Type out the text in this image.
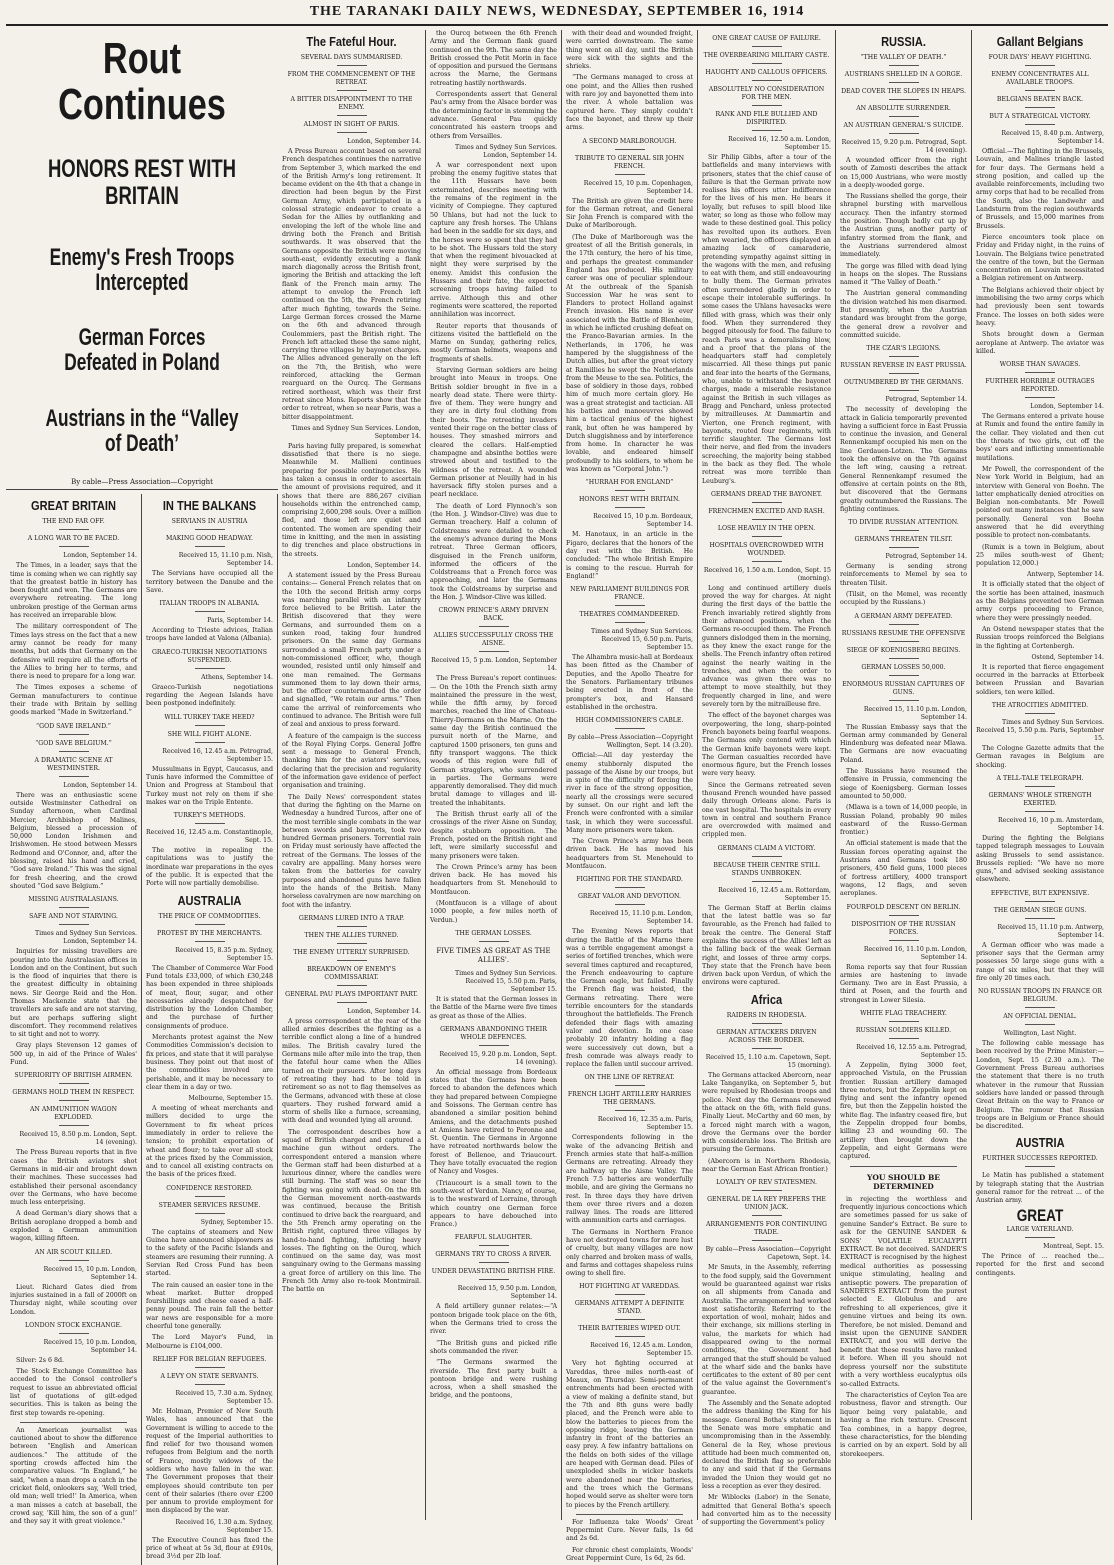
THE TARANAKI DAILY NEWS, WEDNESDAY, SEPTEMBER 16, 1914
Rout Continues
HONORS REST WITH BRITAIN
Enemy's Fresh Troops Intercepted
German Forces Defeated in Poland
Austrians in the “Valley of Death’
By cable—Press Association—Copyright
GREAT BRITAIN
THE END FAR OFF.
A LONG WAR TO BE FACED.
London, September 14.

The Times, in a leader, says that the time is coming when we can rightly say that the greatest battle in history has been fought and won. The Germans are everywhere retreating. The long unbroken prestige of the German arms has received an irreparable blow.

The military correspondent of The Times lays stress on the fact that a new army cannot be ready for many months, but adds that Germany on the defensive will require all the efforts of the Allies to bring her to terms, and there is need to prepare for a long war.

The Times exposes a scheme of German manufacturers to continue their trade with Britain by selling goods marked “Made in Switzerland.”

“GOD SAVE IRELAND.”
“GOD SAVE BELGIUM.”
A DRAMATIC SCENE AT WESTMINSTER.
London, September 14.

There was an enthusiastic scene outside Westminster Cathedral on Sunday afternoon, when Cardinal Mercier, Archbishop of Malines, Belgium, blessed a procession of 50,000 London Irishmen and Irishwomen. He stood between Messrs Redmond and O'Connor, and, after the blessing, raised his hand and cried, “God save Ireland.” This was the signal for fresh cheering, and the crowd shouted “God save Belgium.”

MISSING AUSTRALASIANS.
SAFE AND NOT STARVING.
Times and Sydney Sun Services. London, September 14.

Inquiries for missing travellers are pouring into the Australasian offices in London and on the Continent, but such is the flood of inquiries that there is the greatest difficulty in obtaining news. Sir George Reid and the Hon. Thomas Mackenzie state that the travellers are safe and are not starving, but are perhaps suffering slight discomfort. They recommend relatives to sit tight and not to worry.

Gray plays Stevenson 12 games of 500 up, in aid of the Prince of Wales' Fund.

SUPERIORITY OF BRITISH AIRMEN.
GERMANS HOLD THEM IN RESPECT.
AN AMMUNITION WAGON EXPLODED.
Received 15, 8.50 p.m. London, Sept. 14 (evening).

The Press Bureau reports that in five cases the British aviators shot Germans in mid-air and brought down their machines. These successes had established their personal ascendancy over the Germans, who have become much less enterprising.

A dead German's diary shows that a British aeroplane dropped a bomb and exploded a German ammunition wagon, killing fifteen.

AN AIR SCOUT KILLED.
Received 15, 10 p.m. London, September 14.

Lieut. Richard Gates died from injuries sustained in a fall of 2000ft on Thursday night, while scouting over London.

LONDON STOCK EXCHANGE.
Received 15, 10 p.m. London, September 14.

Silver: 2s 6 8d.

The Stock Exchange Committee has acceded to the Consol controller's request to issue an abbreviated official list of quotations of gilt-edged securities. This is taken as being the first step towards re-opening.

An American journalist was cautioned about to show the difference between “English and American audiences.” The attitude of the sporting crowds affected him the comparative values. “In England,” he said, “when a man drops a catch in the cricket field, onlookers say, ‘Well tried, old man; well tried!’ In America, when a man misses a catch at baseball, the crowd say, ‘Kill him, the son of a gun!’ and they say it with great violence.”

IN THE BALKANS
SERVIANS IN AUSTRIA
MAKING GOOD HEADWAY.
Received 15, 11.10 p.m. Nish, September 14.

The Servians have occupied all the territory between the Danube and the Save.

ITALIAN TROOPS IN ALBANIA.
Paris, September 14.

According to Trieste advices, Italian troops have landed at Valona (Albania).

GRAECO-TURKISH NEGOTIATIONS SUSPENDED.
Athens, September 14.

Graeco-Turkish negotiations regarding the Aegean Islands have been postponed indefinitely.

WILL TURKEY TAKE HEED?
SHE WILL FIGHT ALONE.
Received 16, 12.45 a.m. Petrograd, September 15.

Mussulmans in Egypt, Caucasus, and Tunis have informed the Committee of Union and Progress at Stamboul that Turkey must not rely on them if she makes war on the Triple Entente.

TURKEY'S METHODS.
Received 16, 12.45 a.m. Constantinople, Sept. 15.

The motive in repealing the capitulations was to justify the inordinate war preparations in the eyes of the public. It is expected that the Porte will now partially demobilise.

AUSTRALIA
THE PRICE OF COMMODITIES.
PROTEST BY THE MERCHANTS.
Received 15, 8.35 p.m. Sydney, September 15.

The Chamber of Commerce War Food Fund totals £33,000, of which £30,248 has been expended in three shiploads of meat, flour, sugar, and other necessaries already despatched for distribution by the London Chamber, and the purchase of further consignments of produce.

Merchants protest against the New Commodities Commission's decision to fix prices, and state that it will paralyse business. They point out that most of the commodities involved are perishable, and it may be necessary to clear them in a day or two.

Melbourne, September 15.

A meeting of wheat merchants and millers decided to urge the Government to fix wheat prices immediately in order to relieve the tension; to prohibit exportation of wheat and flour; to take over all stock at the prices fixed by the Commission, and to cancel all existing contracts on the basis of the prices fixed.

CONFIDENCE RESTORED.
STEAMER SERVICES RESUME.
Sydney, September 15.

The captains of steamers and New Guinea have announced shipowners as to the safety of the Pacific Islands and steamers are resuming their running. A Servian Red Cross Fund has been started.

The rain caused an easier tone in the wheat market. Butter dropped fourshillings and cheese eased a half-penny pound. The rain fall the better war news are responsible for a more cheerful tone generally.

The Lord Mayor's Fund, in Melbourne is £104,000.

RELIEF FOR BELGIAN REFUGEES.
A LEVY ON STATE SERVANTS.
Received 15, 7.30 a.m. Sydney, September 15.

Mr. Holman, Premier of New South Wales, has announced that the Government is willing to accede to the request of the Imperial authorities to find relief for two thousand women refugees from Belgium and the north of France, mostly widows of the soldiers who have fallen in the war. The Government proposes that their employees should contribute ten per cent of their salaries (there over £200 per annum to provide employment for men displaced by the war.

Received 16, 1.30 a.m. Sydney, September 15.

The Executive Council has fixed the price of wheat at 5s 3d, flour at £910s, bread 3½d per 2lb loaf.

The Fateful Hour.
SEVERAL DAYS SUMMARISED.
FROM THE COMMENCEMENT OF THE RETREAT.
A BITTER DISAPPOINTMENT TO THE ENEMY.
ALMOST IN SIGHT OF PARIS.
London, September 14.

A Press Bureau account based on several French despatches continues the narrative from September 3, which marked the end of the British Army's long retirement. It became evident on the 4th that a change in direction had been begun by the First German Army, which participated in a colossal strategic endeavor to create a Sedan for the Allies by outflanking and enveloping the left of the whole line and driving both the French and British southwards. It was observed that the Germans opposite the British were moving south-east, evidently executing a flank march diagonally across the British front, ignoring the British and attacking the left flank of the French main army. The attempt to envelop the French left continued on the 5th, the French retiring after much fighting, towards the Seine. Large German forces crossed the Marne on the 6th and advanced through Coulommiers, past the British right. The French left attacked these the same night, carrying three villages by bayonet charges. The Allies advanced generally on the left on the 7th, the British, who were reinforced, attacking the German rearguard on the Ourcq. The Germans retired northeast, which was their first retreat since Mons. Reports show that the order to retreat, when so near Paris, was a bitter disappointment.

Times and Sydney Sun Services. London, September 14.

Paris having fully prepared, is somewhat dissatisfied that there is no siege. Meanwhile M. Mallieni continues preparing for possible contingencies. He has taken a census in order to ascertain the amount of provisions required, and it shows that there are 886,267 civilian households within the entrenched camp, comprising 2,600,298 souls. Over a million fled, and those left are quiet and contented. The women are spending their time in knitting, and the men in assisting to dig trenches and place obstructions in the streets.

London, September 14.

A statement issued by the Press Bureau contains:— General French relates that on the 10th the second British army corps was marching parallel with an infantry force believed to be British. Later the British discovered that they were Germans, and surrounded them on a sunken road, taking four hundred prisoners. On the same day Germans surrounded a small French party under a non-commissioned officer, who, though wounded, resisted until only himself and one man remained. The Germans summoned them to lay down their arms, but the officer countermanded the order and signalled, “We retain our arms.” Then came the arrival of reinforcements who continued to advance. The British were full of zeal and anxious to press forward.

A feature of the campaign is the success of the Royal Flying Corps. General Joffre sent a message to General French, thanking him for the aviators' services, declaring that the precision and regularity of the information gave evidence of perfect organisation and training.

The Daily News' correspondent states that during the fighting on the Marne on Wednesday a hundred Turcos, after one of the most terrible single combats in the war between swords and bayonets, took two hundred German prisoners. Torrential rain on Friday must seriously have affected the retreat of the Germans. The losses of the cavalry are appalling. Many horses were taken from the batteries for cavalry purposes and abandoned guns have fallen into the hands of the British. Many horseless cavalrymen are now marching on foot with the infantry.

GERMANS LURED INTO A TRAP.
THEN THE ALLIES TURNED.
THE ENEMY UTTERLY SURPRISED.
BREAKDOWN OF ENEMY'S COMMISSARIAT.
GENERAL PAU PLAYS IMPORTANT PART.
London, September 14.

A press correspondent at the rear of the allied armies describes the fighting as a terrible conflict along a line of a hundred miles. The British cavalry lured the Germans mile after mile into the trap, then the fateful hour came when the Allies turned on their pursuers. After long days of retreating they had to be told in retirement so as not to flag themselves as the Germans, advanced with these at close quarters. They rushed forward amid a storm of shells like a furnace, screaming, with dead and wounded lying all around.

The correspondent describes how a squad of British charged and captured a machine gun without orders. The correspondent entered a mansion where the German staff had been disturbed at a luxurious dinner, where the candles were still burning. The staff was so near the fighting was going with dead. On the 8th the German movement north-eastwards was continued, because the British continued to drive back the rearguard, and the 5th French army operating on the British right, captured three villages by hand-to-hand fighting, inflicting heavy losses. The fighting on the Ourcq, which continued on the same day, was most sanguinary owing to the Germans massing a great force of artillery on this line. The French 5th Army also re-took Montmirail. The battle on

the Ourcq between the 6th French Army and the German flank guard continued on the 9th. The same day the British crossed the Petit Morin in face of opposition and pursued the Germans across the Marne, the Germans retreating hastily northwards.

Correspondents assert that General Pau's army from the Alsace border was the determining factor in stemming the advance. General Pau quickly concentrated his eastern troops and others from Versailles.

Times and Sydney Sun Services. London, September 14.

A war correspondent next upon probing the enemy fugitive states that the 11th Hussars have been exterminated, describes meeting with the remains of the regiment in the vicinity of Compiegne. They captured 50 Uhlans, but had not the luck to capture any fresh horses. The Uhlans had been in the saddle for six days, and the horses were so spent that they had to be shot. The Hussars told the story that when the regiment bivouacked at night they were surprised by the enemy. Amidst this confusion the Hussars and their fate, the expected screening troops having failed to arrive. Although this and other regiments were scattered, the reported annihilation was incorrect.

Reuter reports that thousands of citizens visited the battlefield on the Marne on Sunday, gathering relics, mostly German helmets, weapons and fragments of shells.

Starving German soldiers are being brought into Meaux in troops. One British soldier brought in five in a nearly dead state. There were thirty-five of them. They were hungry and they are in dirty foul clothing from their boots. The retreating invaders vented their rage on the better class of houses. They smashed mirrors and cleared the cellars. Half-emptied champagne and absinthe bottles were strewed about and testified to the wildness of the retreat. A wounded German prisoner at Neuilly had in his haversack fifty stolen purses and a pearl necklace.

The death of Lord Flynnoch's son (the Hon. J. Windsor-Clive) was due to German treachery. Half a column of Coldstreams were detailed to check the enemy's advance during the Mons retreat. Three German officers, disguised in the French uniform, informed the officers of the Coldstreams that a French force was approaching, and later the Germans took the Coldstreams by surprise and the Hon. J. Windsor-Clive was killed.

CROWN PRINCE'S ARMY DRIVEN BACK.
ALLIES SUCCESSFULLY CROSS THE AISNE.
Received 15, 5 p.m. London, September 14.

The Press Bureau's report continues:— On the 10th the French sixth army maintained the pressure in the west, while the fifth army, by forced marches, reached the line of Chateau-Thierry-Dormans on the Marne. On the same day the British continued the pursuit north of the Marne, and captured 1500 prisoners, ten guns and fifty transport waggons. The thick woods of this region were full of German stragglers, who surrendered in parties. The Germans were apparently demoralised. They did much brutal damage to villages and ill-treated the inhabitants.

The British thrust early all of the crossings of the river Aisne on Sunday, despite stubborn opposition. The French, posted on the British right and left, were similarly successful and many prisoners were taken.

The Crown Prince's army has been driven back. He has moved his headquarters from St. Menehould to Montfaucon.

(Montfaucon is a village of about 1000 people, a few miles north of Verdun.)

THE GERMAN LOSSES.
FIVE TIMES AS GREAT AS THE ALLIES'.
Times and Sydney Sun Services. Received 15, 5.50 p.m. Paris, September 15.

It is stated that the German losses in the Battle of the Marne were five times as great as those of the Allies.

GERMANS ABANDONING THEIR WHOLE DEFENCES.
Received 15, 9.20 p.m. London, Sept. 14 (evening).

An official message from Bordeaux states that the Germans have been forced to abandon the defences which they had prepared between Compiegne and Soissons. The German centre has abandoned a similar position behind Amiens, and the detachments pushed at Amiens have retired to Peronne and St. Quentin. The Germans in Argonne have retreated northwards below the forest of Bellenoe, and Triaucourt. They have totally evacuated the region of Nancy and Vosges.

(Triaucourt is a small town to the south-west of Verdun. Nancy, of course, is to the westward of Lorraine, through which country one German force appears to have debouched into France.)

FEARFUL SLAUGHTER.
GERMANS TRY TO CROSS A RIVER.
UNDER DEVASTATING BRITISH FIRE.
Received 15, 9.50 p.m. London, September 14.

A field artillery gunner relates:—“A pontoon brigade took place on the 6th, when the Germans tried to cross the river.

“The British guns and picked rifle shots commanded the river.

“The Germans swarmed the riverside. The first party built a pontoon bridge and were rushing across, when a shell smashed the bridge, and the pontoons,

with their dead and wounded freight, were carried downstream. The same thing went on all day, until the British were sick with the sights and the shrieks.

“The Germans managed to cross at one point, and the Allies then rushed with rare joy and bayonetted them into the river. A whole battalion was captured here. They simply couldn't face the bayonet, and threw up their arms.

A SECOND MARLBOROUGH.
TRIBUTE TO GENERAL SIR JOHN FRENCH.
Received 15, 10 p.m. Copenhagen, September 14.

The British are given the credit here for the German retreat, and General Sir John French is compared with the Duke of Marlborough.

(The Duke of Marlborough was the greatest of all the British generals, in the 17th century, the hero of his time, and perhaps the greatest commander England has produced. His military career was one of peculiar splendour. At the outbreak of the Spanish Succession War he was sent to Flanders to protect Holland against French invasion. His name is ever associated with the Battle of Blenheim, in which he inflicted crushing defeat on the Franco-Bavarian armies. In the Netherlands, in 1706, he was hampered by the sluggishness of the Dutch allies, but after the great victory at Ramillies he swept the Netherlands from the Meuse to the sea. Politics, the base of soldiery in those days, robbed him of much more certain glory. He was a great strategist and tactician. All his battles and manoeuvres showed him a tactical genius of the highest rank, but often he was hampered by Dutch sluggishness and by interference from home. In character he was lovable, and endeared himself profoundly to his soldiers, to whom he was known as “Corporal John.”)

“HURRAH FOR ENGLAND”
HONORS REST WITH BRITAIN.
Received 15, 10 p.m. Bordeaux, September 14.

M. Hanotaux, in an article in the Figaro, declares that the honors of the day rest with the British. He concluded: “The whole British Empire is coming to the rescue. Hurrah for England!”

NEW PARLIAMENT BUILDINGS FOR FRANCE.
THEATRES COMMANDEERED.
Times and Sydney Sun Services. Received 15, 6.50 p.m. Paris, September 15.

The Alhambra music-hall at Bordeaux has been fitted as the Chamber of Deputies, and the Apollo Theatre for the Senators. Parliamentary tribunes being erected in front of the prompter's box, and Hansard established in the orchestra.

HIGH COMMISSIONER'S CABLE.
By cable—Press Association—Copyright Wellington, Sept. 14 (3.20).

Official:—All day yesterday the enemy stubbornly disputed the passage of the Aisne by our troops, but in spite of the difficulty of forcing the river in face of the strong opposition, nearly all the crossings were secured by sunset. On our right and left the French were confronted with a similar task, in which they were successful. Many more prisoners were taken.

The Crown Prince's army has been driven back. He has moved his headquarters from St. Menehould to Montfaucon.

FIGHTING FOR THE STANDARD.
GREAT VALOR AND DEVOTION.
Received 15, 11.10 p.m. London, September 14.

The Evening News reports that during the Battle of the Marne there was a terrible engagement amongst a series of fortified trenches, which were several times captured and recaptured, the French endeavouring to capture the German eagle, but failed. Finally the French flag was hoisted, the Germans retreating. There were terrible encounters for the standards throughout the battlefields. The French defended their flags with amazing valor and devotion. In one case probably 20 infantry holding a flag were successively cut down, but a fresh comrade was always ready to replace the fallen until succour arrived.

ON THE LINE OF RETREAT.
FRENCH LIGHT ARTILLERY HARRIES THE GERMANS.
Received 16, 12.35 a.m. Paris, September 15.

Correspondents following in the wake of the advancing British and French armies state that half-a-million Germans are retreating. Already they are halfway up the Aisne Valley. The French 7.5 batteries are wonderfully mobile, and are giving the Germans no rest. In three days they have driven them over three rivers and a dozen railway lines. The roads are littered with ammunition carts and carriages.

The Germans in Northern France have not destroyed towns for more lust of cruelty, but many villages are now only charred and broken mass of walls, and farms and cottages shapeless ruins owing to shell fire.

HOT FIGHTING AT VAREDDAS.
GERMANS ATTEMPT A DEFINITE STAND.
THEIR BATTERIES WIPED OUT.
Received 16, 12.45 a.m. London, September 15.

Very hot fighting occurred at Vareddas, three miles north-east of Meaux, on Thursday. Semi-permanent entrenchments had been erected with a view of making a definite stand, but the 7th and 8th guns were badly placed, and the French were able to blow the batteries to pieces from the opposing ridge, leaving the German infantry in front of the batteries an easy prey. A few infantry battalions on the fields on both sides of the village are heaped with German dead. Piles of unexploded shells in wicker baskets were abandoned near the batteries, and the trees which the Germans hoped would serve as shelter were torn to pieces by the French artillery.

For Influenza take Woods' Great Peppermint Cure. Never fails, 1s 6d and 2s 6d.

For chronic chest complaints, Woods' Great Peppermint Cure, 1s 6d, 2s 6d.

ONE GREAT CAUSE OF FAILURE.
THE OVERBEARING MILITARY CASTE.
HAUGHTY AND CALLOUS OFFICERS.
ABSOLUTELY NO CONSIDERATION FOR THE MEN.
RANK AND FILE BULLIED AND DISPIRITED.
Received 16, 12.50 a.m. London, September 15.

Sir Philip Gibbs, after a tour of the battlefields and many interviews with prisoners, states that the chief cause of failure is that the German private now realises his officers utter indifference for the lives of his men. He bears it loyally, but refuses to spill blood like water, so long as those who follow may wade to these destined goal. This policy has revolted upon its authors. Even when wearied, the officers displayed an amazing lack of camaraderie, pretending sympathy against sitting in the wagons with the men, and refusing to eat with them, and still endeavouring to bully them. The German privates often surrendered gladly in order to escape their intolerable sufferings. In some cases the Uhlans havesacks were filled with grass, which was their only food. When they surrendered they begged piteously for food. The failure to reach Paris was a demoralising blow, and a proof that the plans of the headquarters staff had completely miscarried. All these things put panic and fear into the hearts of the Germans, who, unable to withstand the bayonet charges, made a miserable resistance against the British in such villages as Bragg and Penchard, unless protected by mitrailleuses. At Dammartin and Vierton, one French regiment, with bayonets, routed four regiments, with terrific slaughter. The Germans lost their nerve, and fled from the invaders screeching, the majority being stabbed in the back as they fled. The whole retreat was more terrible than Leuburg's.

GERMANS DREAD THE BAYONET.
FRENCHMEN EXCITED AND RASH.
LOSE HEAVILY IN THE OPEN.
HOSPITALS OVERCROWDED WITH WOUNDED.
Received 16, 1.50 a.m. London, Sept. 15 (morning).

Long and continued artillery duels proved the way for charges. At night during the first days of the battle the French invariably retired slightly from their advanced positions, when the Germans re-occupied them. The French gunners dislodged them in the morning, as they knew the exact range for the shells. The French infantry often retired against the nearly waiting in the trenches, and when the order to advance was given there was no attempt to move stealthily, but they frequently charged in line, and were severely torn by the mitrailleuse fire.

The effect of the bayonet charges was overpowering, the long, sharp-pointed French bayonets being fearful weapons. The Germans only contend with which the German knife bayonets were kept. The German casualties recorded have enormous figure, but the French losses were very heavy.

Since the Germans retreated seven thousand French wounded have passed daily through Orleans alone. Paris is one vast hospital. The hospitals in every town in central and southern France are overcrowded with maimed and crippled men.

GERMANS CLAIM A VICTORY.
BECAUSE THEIR CENTRE STILL STANDS UNBROKEN.
Received 16, 12.45 a.m. Rotterdam, September 15.

The German Staff at Berlin claims that the latest battle was so far favourable, as the French had failed to break the centre. The General Staff explains the success of the Allies' left as the falling back of the weak German right, and losses of three army corps. They state that the French have been driven back upon Verdun, of which the environs were captured.

Africa
RAIDERS IN RHODESIA.
GERMAN ATTACKERS DRIVEN ACROSS THE BORDER.
Received 15, 1.10 a.m. Capetown, Sept. 15 (morning).

The Germans attacked Abercorn, near Lake Tanganyika, on September 5, but were repulsed by Rhodesian troops and police. Next day the Germans renewed the attack on the 6th, with field guns. Finally Lieut. McCarthy and 60 men, by a forced night march with a wagon, drove the Germans over the border with considerable loss. The British are pursuing the Germans.

(Abercorn is in Northern Rhodesia, near the German East African frontier.)

LOYALTY OF REV STATESMEN.
GENERAL DE LA REY PREFERS THE UNION JACK.
ARRANGEMENTS FOR CONTINUING TRADE.
By cable—Press Association—Copyright Capetown, Sept. 14.

Mr Smuts, in the Assembly, referring to the food supply, said the Government would be guaranteed against war risks on all shipments from Canada and Australia. The arrangement had worked most satisfactorily. Referring to the exportation of wool, mohair, hides and their exchange, six millions sterling in value, the markets for which had disappeared owing to the normal conditions, the Government had arranged that the stuff should be valued at the wharf side and the banks have certificates to the extent of 80 per cent of the value against the Government's guarantee.

The Assembly and the Senate adopted the address thanking the King for his message. General Botha's statement in the Senate was more emphatic and uncompromising than in the Assembly. General de la Rey, whose previous attitude had been much commented on, declared the British flag so preferable to any and said that if the Germans invaded the Union they would get no less a reception as ever they desired.

Mr Wiblocks (Labor) in the Senate, admitted that General Botha's speech had converted him as to the necessity of supporting the Government's policy

RUSSIA.
“THE VALLEY OF DEATH.”
AUSTRIANS SHELLED IN A GORGE.
DEAD COVER THE SLOPES IN HEAPS.
AN ABSOLUTE SURRENDER.
AN AUSTRIAN GENERAL'S SUICIDE.
Received 15, 9.20 p.m. Petrograd, Sept. 14 (evening).

A wounded officer from the right south of Zamosti describes the attack on 15,000 Austrians, who were mostly in a deeply-wooded gorge.

The Russians shelled the gorge, their shrapnel bursting with marvellous accuracy. Then the infantry stormed the position. Though badly cut up by the Austrian guns, another party of infantry stormed from the flank, and the Austrians surrendered almost immediately.

The gorge was filled with dead lying in heaps on the slopes. The Russians named it “The Valley of Death.”

The Austrian general commanding the division watched his men disarmed. But presently, when the Austrian standard was brought from the gorge, the general drew a revolver and committed suicide.

THE CZAR'S LEGIONS.
RUSSIAN REVERSE IN EAST PRUSSIA.
OUTNUMBERED BY THE GERMANS.
Petrograd, September 14.

The necessity of developing the attack in Galicia temporarily prevented having a sufficient force in East Prussia to continue the invasion, and General Rennenkampf occupied his men on the line Gerdauen-Lotzen. The Germans took the offensive on the 7th against the left wing, causing a retreat. General Rennenkampf resumed the offensive at certain points on the 8th, but discovered that the Germans greatly outnumbered the Russians. The fighting continues.

TO DIVIDE RUSSIAN ATTENTION.
GERMANS THREATEN TILSIT.
Petrograd, September 14.

Germany is sending strong reinforcements to Memel by sea to threaten Tilsit.

(Tilsit, on the Memel, was recently occupied by the Russians.)

A GERMAN ARMY DEFEATED.
RUSSIANS RESUME THE OFFENSIVE
SIEGE OF KOENIGSBERG BEGINS.
GERMAN LOSSES 50,000.
ENORMOUS RUSSIAN CAPTURES OF GUNS.
Received 15, 11.10 p.m. London, September 14.

The Russian Embassy says that the German army commanded by General Hindenburg was defeated near Mlawa. The Germans are now evacuating Poland.

The Russians have resumed the offensive in Prussia, commencing the siege of Koenigsberg. German losses amounted to 50,000.

(Mlawa is a town of 14,000 people, in Russian Poland, probably 90 miles eastward of the Russo-German frontier.)

An official statement is made that the Russian forces operating against the Austrians and Germans took 180 prisoners, 450 field guns, 1000 pieces of fortress artillery, 4000 transport wagons, 12 flags, and seven aeroplanes.

FOURFOLD DESCENT ON BERLIN.
DISPOSITION OF THE RUSSIAN FORCES.
Received 16, 11.10 p.m. London, September 14.

Roma reports say that four Russian armies are hastening to invade Germany. Two are in East Prussia, a third at Posen, and the fourth and strongest in Lower Silesia.

WHITE FLAG TREACHERY.
RUSSIAN SOLDIERS KILLED.
Received 16, 12.55 a.m. Petrograd, September 15.

A Zeppelin, flying 3000 feet, approached Vistula, on the Prussian frontier. Russian artillery damaged three motors, but the Zeppelin kept on flying and sent the infantry opened fire, but then the Zeppelin hoisted the white flag. The infantry ceased fire, but the Zeppelin dropped four bombs, killing 23 and wounding 60. The artillery then brought down the Zeppelin, and eight Germans were captured.

YOU SHOULD BE DETERMINED

in rejecting the worthless and frequently injurious concoctions which are sometimes passed for us sake of genuine Sander's Extract. Be sure to ask for the GENUINE SANDER & SONS' VOLATILE EUCALYPTI EXTRACT. Be not deceived. SANDER'S EXTRACT is recognised by the highest medical authorities as possessing unique stimulating, healing and antiseptic powers. The preparation of SANDER'S EXTRACT from the purest selected E. Globulus and are refreshing to all experiences, give it genuine virtues and being its own. Therefore, be not misled. Demand and insist upon the GENUINE SANDER EXTRACT, and you will derive the benefit that these results have ranked it before. When ill you should not depress yourself nor the substitute with a very worthless eucalyptus oils so-called Extracts.

The characteristics of Ceylon Tea are robustness, flavor and strength. Our liquor being very palatable, and having a fine rich texture. Crescent Tea combines, in a happy degree, these characteristics, for the blending is carried on by an expert. Sold by all storekeepers.

Gallant Belgians
FOUR DAYS' HEAVY FIGHTING.
ENEMY CONCENTRATES ALL AVAILABLE TROOPS.
BELGIANS BEATEN BACK.
BUT A STRATEGICAL VICTORY.
Received 15, 8.40 p.m. Antwerp, September 14.

Official.—The fighting in the Brussels, Louvain, and Malines triangle lasted for four days. The Germans held a strong position, and called up the available reinforcements, including two army corps that had to be recalled from the South, also the Landwehr and Landsturm from the region southwards of Brussels, and 15,000 marines from Brussels.

Fierce encounters took place on Friday and Friday night, in the ruins of Louvain. The Belgians twice penetrated the centre of the town, but the German concentration on Louvain necessitated a Belgian retirement on Antwerp.

The Belgians achieved their object by immobilising the two army corps which had previously been sent towards France. The losses on both sides were heavy.

Shots brought down a German aeroplane at Antwerp. The aviator was killed.

WORSE THAN SAVAGES.
FURTHER HORRIBLE OUTRAGES REPORTED.
London, September 14.

The Germans entered a private house at Rumix and found the entire family in the cellar. They violated and then cut the throats of two girls, cut off the boys' ears and inflicting unmentionable mutilations.

Mr Powell, the correspondent of the New York World in Belgium, had an interview with General von Boehn. The latter emphatically denied atrocities on Belgian non-combatants. Mr Powell pointed out many instances that he saw personally. General von Boehn answered that he did everything possible to protect non-combatants.

(Rumix is a town in Belgium, about 25 miles south-west of Ghent; population 12,000.)

Antwerp, September 14.

It is officially stated that the object of the sortie has been attained, inasmuch as the Belgians prevented two German army corps proceeding to France, where they were pressingly needed.

An Ostend newspaper states that the Russian troops reinforced the Belgians in the fighting at Cortenbergh.

Ostend, September 14.

It is reported that fierce engagement occurred in the barracks at Etterbeek between Prussian and Bavarian soldiers, ten were killed.

THE ATROCITIES ADMITTED.
Times and Sydney Sun Services. Received 15, 5.50 p.m. Paris, September 15.

The Cologne Gazette admits that the German ravages in Belgium are shocking.

A TELL-TALE TELEGRAPH.
GERMANS' WHOLE STRENGTH EXERTED.
Received 16, 10 p.m. Amsterdam, September 14.

During the fighting the Belgians tapped telegraph messages to Louvain asking Brussels to send assistance. Brussels replied: “We have no more guns,” and advised seeking assistance elsewhere.

EFFECTIVE, BUT EXPENSIVE.
THE GERMAN SIEGE GUNS.
Received 15, 11.10 p.m. Antwerp, September 14.

A German officer who was made a prisoner says that the German army possesses 50 large siege guns with a range of six miles, but that they will fire only 20 times each.

NO RUSSIAN TROOPS IN FRANCE OR BELGIUM.
AN OFFICIAL DENIAL.
Wellington, Last Night.

The following cable message has been received by the Prime Minister:— London, Sept. 15 (2.30 a.m.). The Government Press Bureau authorises the statement that there is no truth whatever in the rumour that Russian soldiers have landed or passed through Great Britain on the way to France or Belgium. The rumour that Russian troops are in Belgium or France should be discredited.

AUSTRIA
FURTHER SUCCESSES REPORTED.

Le Matin has published a statement by telegraph stating that the Austrian general ramor for the retreat ... of the Austrian army.

GREAT
LARGE VATERLAND.
Montreal, Sept. 15.

The Prince of ... reached the... reported for the first and second contingents.
